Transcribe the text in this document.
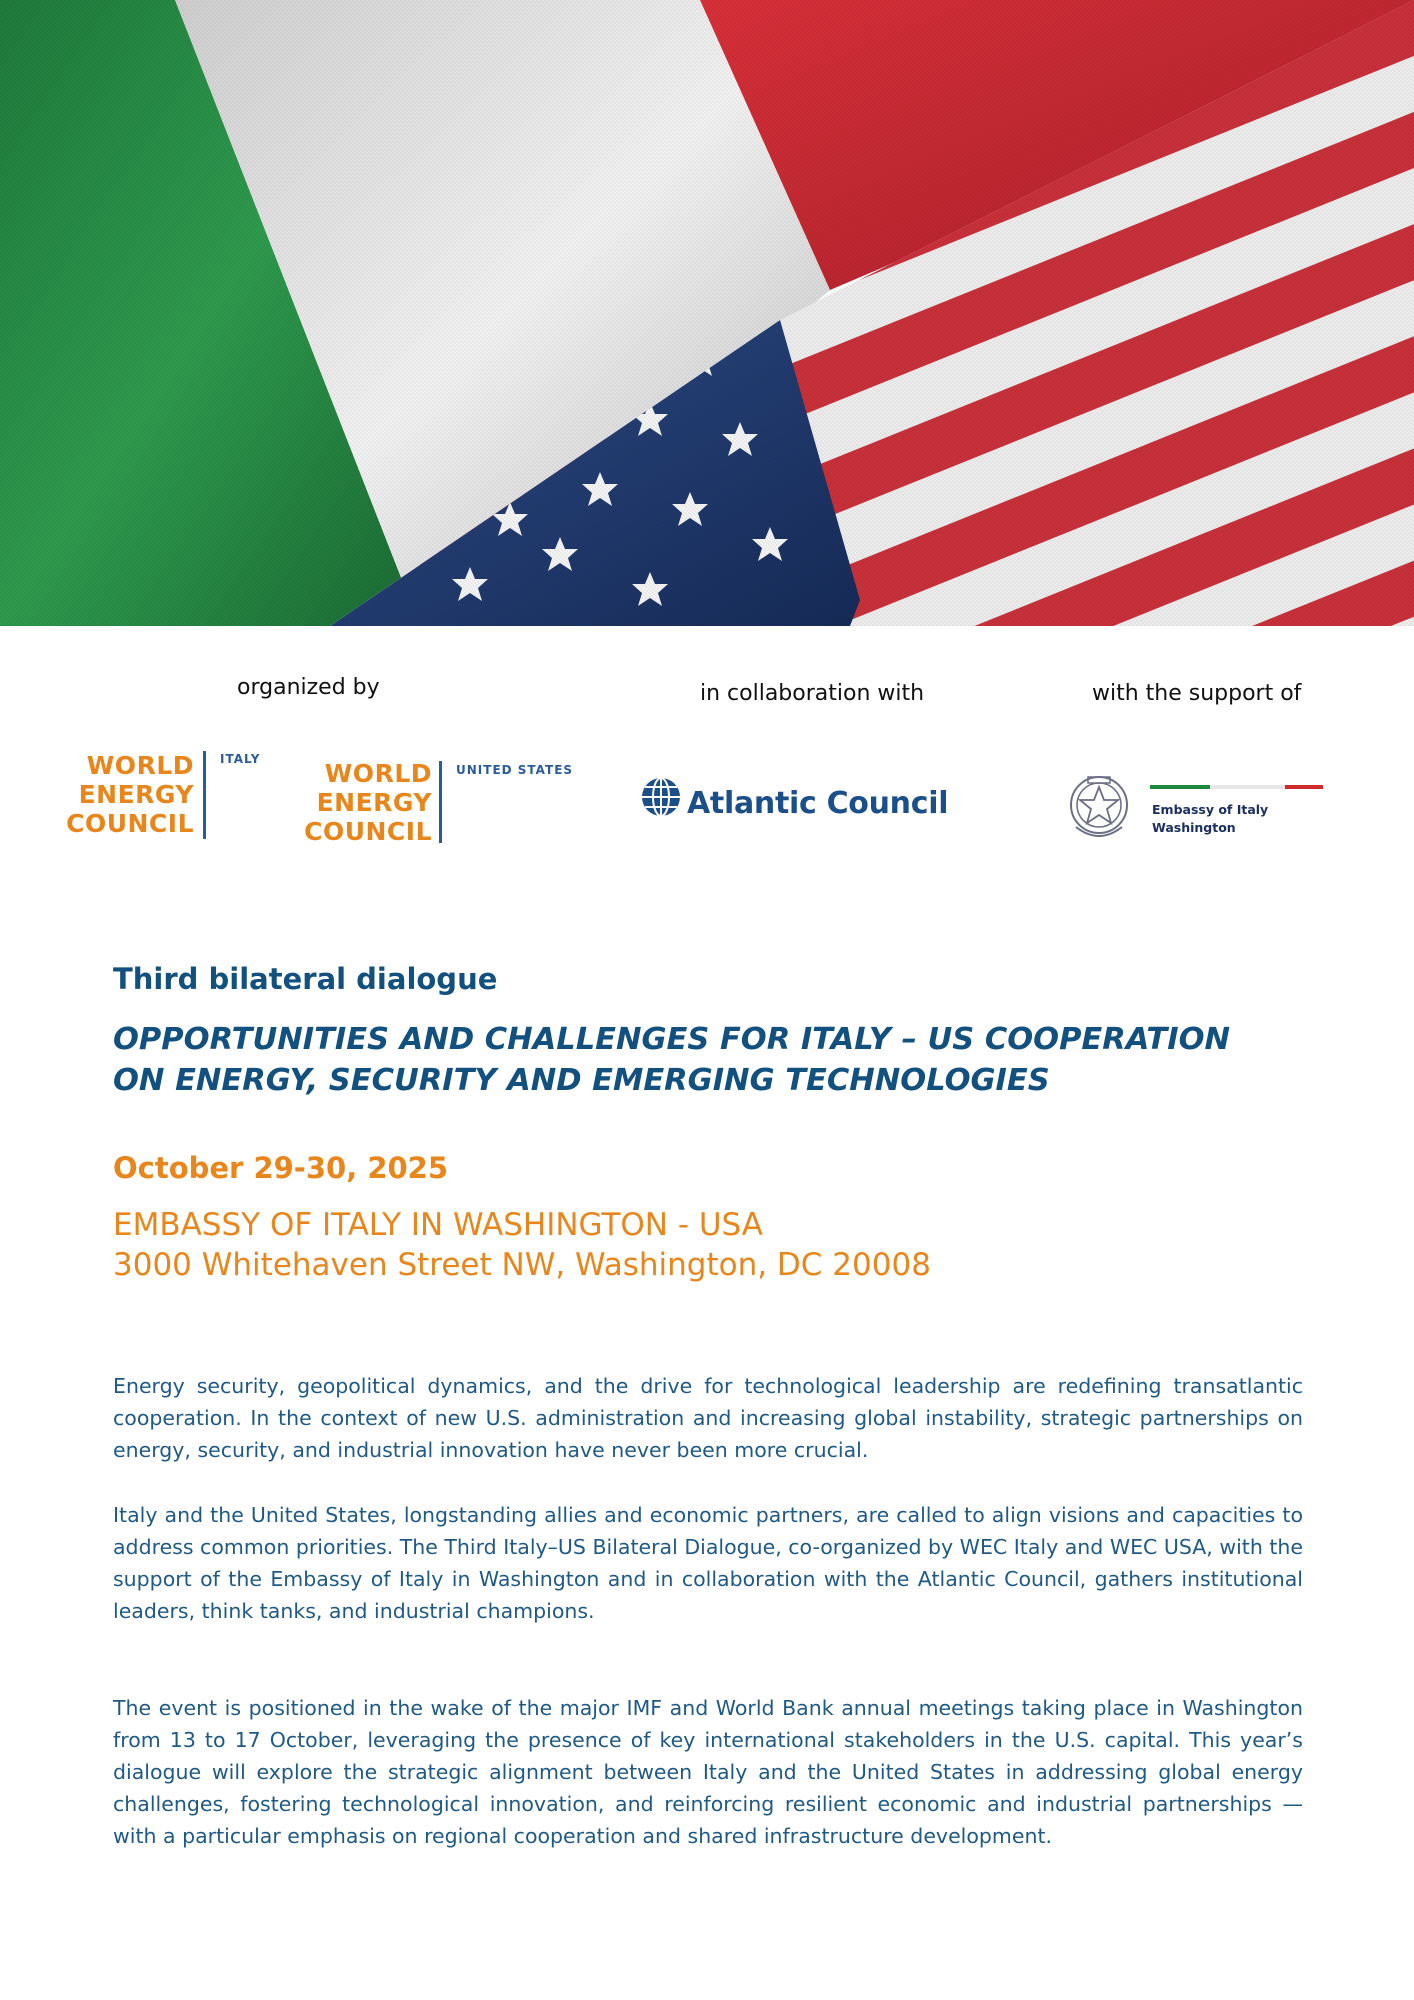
organized by	in collaboration with	with the support of
WORLD
ENERGY
COUNCIL
ITALY	WORLD
ENERGY
COUNCIL
UNITED STATES
Atlantic Council	Embassy of Italy
Washington
Third bilateral dialogue
OPPORTUNITIES AND CHALLENGES FOR ITALY – US COOPERATION
ON ENERGY, SECURITY AND EMERGING TECHNOLOGIES
October 29-30, 2025
EMBASSY OF ITALY IN WASHINGTON - USA
3000 Whitehaven Street NW, Washington, DC 20008

Energy security, geopolitical dynamics, and the drive for technological leadership are redefining transatlantic cooperation. In the context of new U.S. administration and increasing global instability, strategic partnerships on energy, security, and industrial innovation have never been more crucial.

Italy and the United States, longstanding allies and economic partners, are called to align visions and capacities to address common priorities. The Third Italy–US Bilateral Dialogue, co-organized by WEC Italy and WEC USA, with the support of the Embassy of Italy in Washington and in collaboration with the Atlantic Council, gathers institutional leaders, think tanks, and industrial champions.

The event is positioned in the wake of the major IMF and World Bank annual meetings taking place in Washington from 13 to 17 October, leveraging the presence of key international stakeholders in the U.S. capital. This year’s dialogue will explore the strategic alignment between Italy and the United States in addressing global energy challenges, fostering technological innovation, and reinforcing resilient economic and industrial partnerships — with a particular emphasis on regional cooperation and shared infrastructure development.
